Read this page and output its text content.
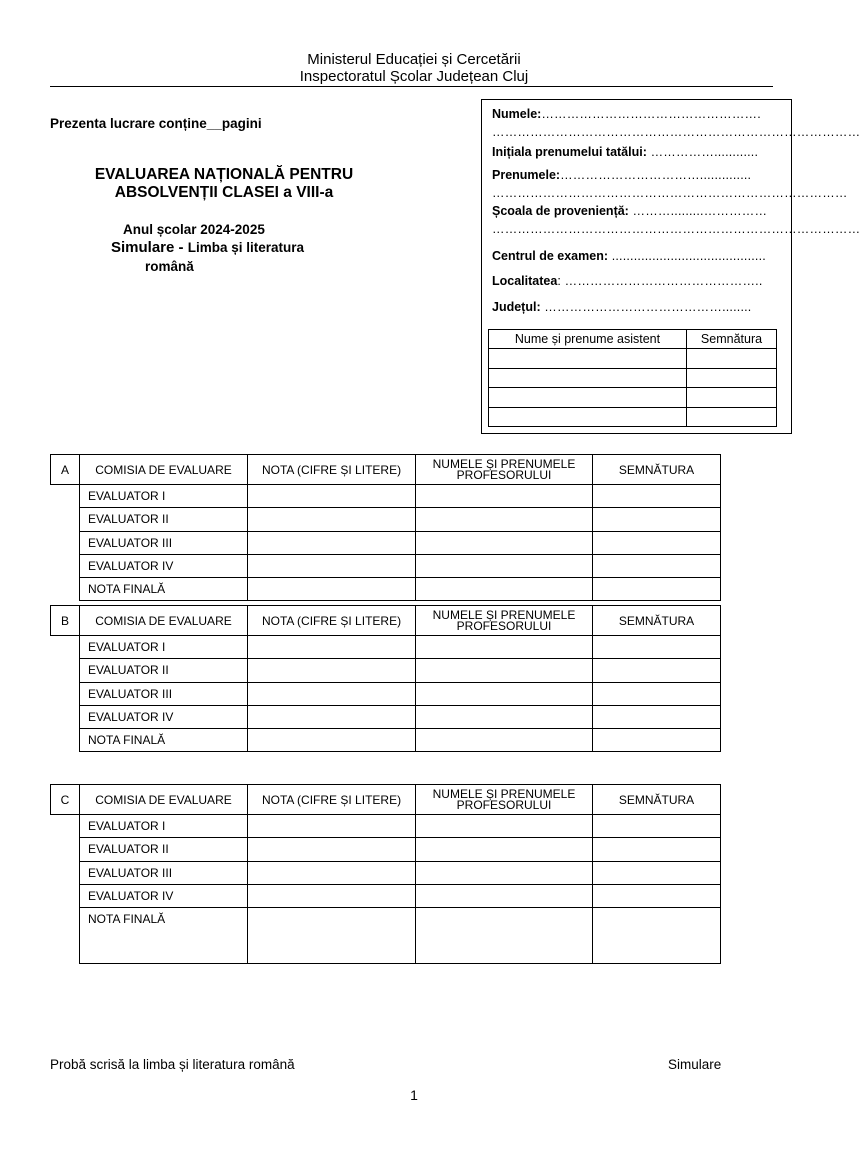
Ministerul Educației și Cercetării
Inspectoratul Școlar Județean Cluj
Prezenta lucrare conține__pagini
EVALUAREA NAȚIONALĂ PENTRU
ABSOLVENȚII CLASEI a VIII-a
Anul școlar 2024-2025
Simulare - Limba și literatura
română
Numele:…………………………………………….
……………………………………………………………………………
Inițiala prenumelui tatălui: ……………............
Prenumele:……………………………..............
…………………………………………………………………………
Școala de proveniență: ……….........……………
……………………………………………………………………………
Centrul de examen: ..........................................
Localitatea: ………………………………………..
Județul: ……………………………………........
Nume și prenume asistent	Semnătura

A	COMISIA DE EVALUARE	NOTA (CIFRE ȘI LITERE)	NUMELE ȘI PRENUMELE
PROFESORULUI	SEMNĂTURA
	EVALUATOR I			
	EVALUATOR II			
	EVALUATOR III			
	EVALUATOR IV			
	NOTA FINALĂ			
B	COMISIA DE EVALUARE	NOTA (CIFRE ȘI LITERE)	NUMELE ȘI PRENUMELE
PROFESORULUI	SEMNĂTURA
	EVALUATOR I			
	EVALUATOR II			
	EVALUATOR III			
	EVALUATOR IV			
	NOTA FINALĂ			
C	COMISIA DE EVALUARE	NOTA (CIFRE ȘI LITERE)	NUMELE ȘI PRENUMELE
PROFESORULUI	SEMNĂTURA
	EVALUATOR I			
	EVALUATOR II			
	EVALUATOR III			
	EVALUATOR IV			
	NOTA FINALĂ			
Probă scrisă la limba și literatura română	Simulare
1
